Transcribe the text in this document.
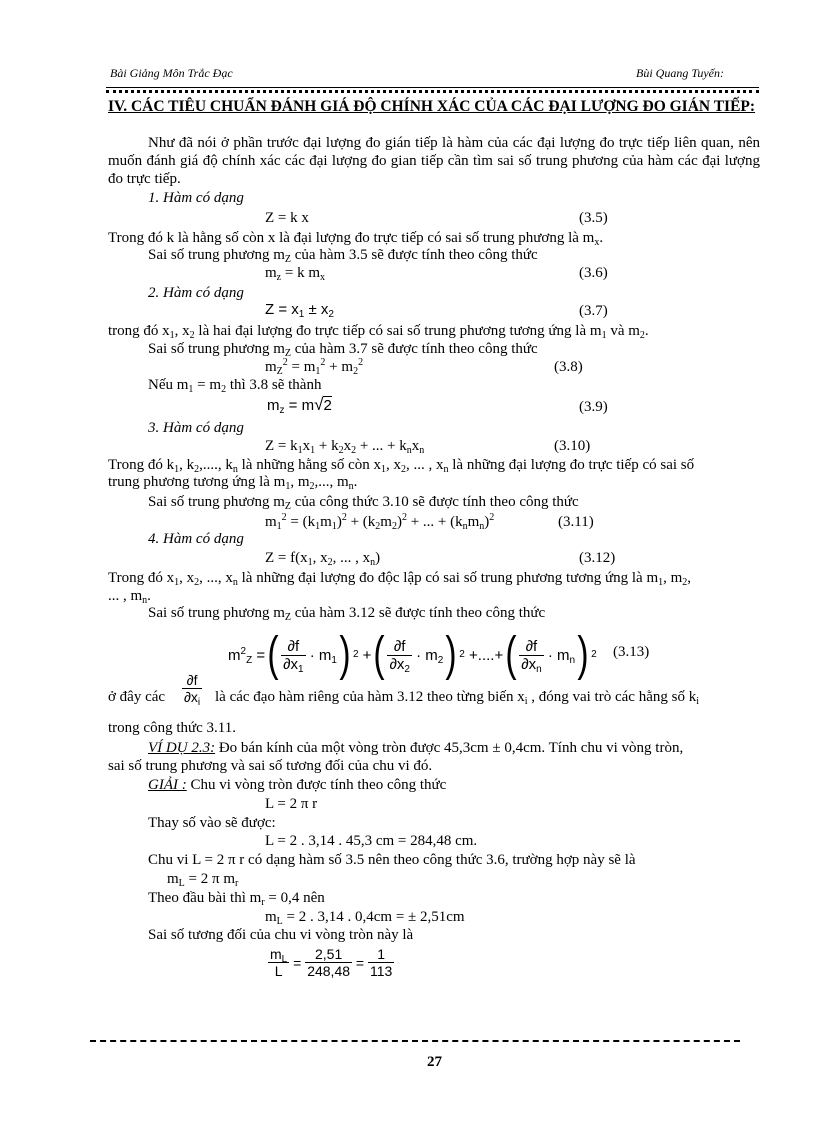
Bài Giảng Môn Trắc Đạc	Bùi Quang Tuyến:
IV. CÁC TIÊU CHUẨN ĐÁNH GIÁ ĐỘ CHÍNH XÁC CỦA CÁC ĐẠI LƯỢNG ĐO GIÁN TIẾP:
Như đã nói ở phần trước đại lượng đo gián tiếp là hàm của các đại lượng đo trực tiếp liên quan, nên muốn đánh giá độ chính xác các đại lượng đo gian tiếp cần tìm sai số trung phương của hàm các đại lượng đo trực tiếp.
1. Hàm có dạng
Z = k x	(3.5)
Trong đó k là hằng số còn x là đại lượng đo trực tiếp có sai số trung phương là $m_x$.
Sai số trung phương $m_Z$ của hàm 3.5 sẽ được tính theo công thức
$m_z = k$ $m_x$	(3.6)
2. Hàm có dạng
$Z = x_1 \pm x_2$	(3.7)
trong đó $x_1$, $x_2$ là hai đại lượng đo trực tiếp có sai số trung phương tương ứng là $m_1$ và $m_2$.
Sai số trung phương $m_Z$ của hàm 3.7 sẽ được tính theo công thức
$m_Z^2 = m_1^2 + m_2^2$	(3.8)
Nếu $m_1 = m_2$ thì 3.8 sẽ thành
$m_z = m√2$	(3.9)
3. Hàm có dạng
$Z = k_1x_1 + k_2x_2$ + ... + $k_nx_n$	(3.10)
Trong đó $k_1$, $k_2$,...., $k_n$ là những hằng số còn $x_1$, $x_2$, ... , $x_n$ là những đại lượng đo trực tiếp có sai số
trung phương tương ứng là $m_1$, $m_2$,..., $m_n$.
Sai số trung phương $m_Z$ của công thức 3.10 sẽ được tính theo công thức
$m_1^2 = (k_1m_1)^2 + (k_2m_2)^2$ + ... + $(k_nm_n)^2$	(3.11)
4. Hàm có dạng
$Z = f(x_1$, $x_2$, ... , $x_n$)	(3.12)
Trong đó $x_1$, $x_2$, ..., $x_n$ là những đại lượng đo độc lập có sai số trung phương tương ứng là $m_1$, $m_2$,
... , $m_n$.
Sai số trung phương $m_Z$ của hàm 3.12 sẽ được tính theo công thức
$m^2_Z$ = ( $\frac{\partial f}{\partial x_1} \cdot m_1$ ) 2 + ( $\frac{\partial f}{\partial x_2} \cdot m_2$ ) 2 +....+ ( $\frac{\partial f}{\partial x_n} \cdot m_n$ ) 2 (3.13)
ở đây các $\frac{\partial f}{\partial x_i}$ là các đạo hàm riêng của hàm 3.12 theo từng biến $x_i$ , đóng vai trò các hằng số $k_i$
trong công thức 3.11.
VÍ DỤ 2.3: Đo bán kính của một vòng tròn được 45,3cm ± 0,4cm. Tính chu vi vòng tròn,
sai số trung phương và sai số tương đối của chu vi đó.
GIẢI : Chu vi vòng tròn được tính theo công thức
L = 2 π r
Thay số vào sẽ được:
L = 2 . 3,14 . 45,3 cm = 284,48 cm.
Chu vi L = 2 π r có dạng hàm số 3.5 nên theo công thức 3.6, trường hợp này sẽ là
$m_L = 2$ π $m_r$
Theo đầu bài thì $m_r = 0,4$ nên
$m_L = 2$ . 3,14 . 0,4cm = ± 2,51cm
Sai số tương đối của chu vi vòng tròn này là
$\frac{m_L}{L} = \frac{2,51}{248,48} = \frac{1}{113}$
27
